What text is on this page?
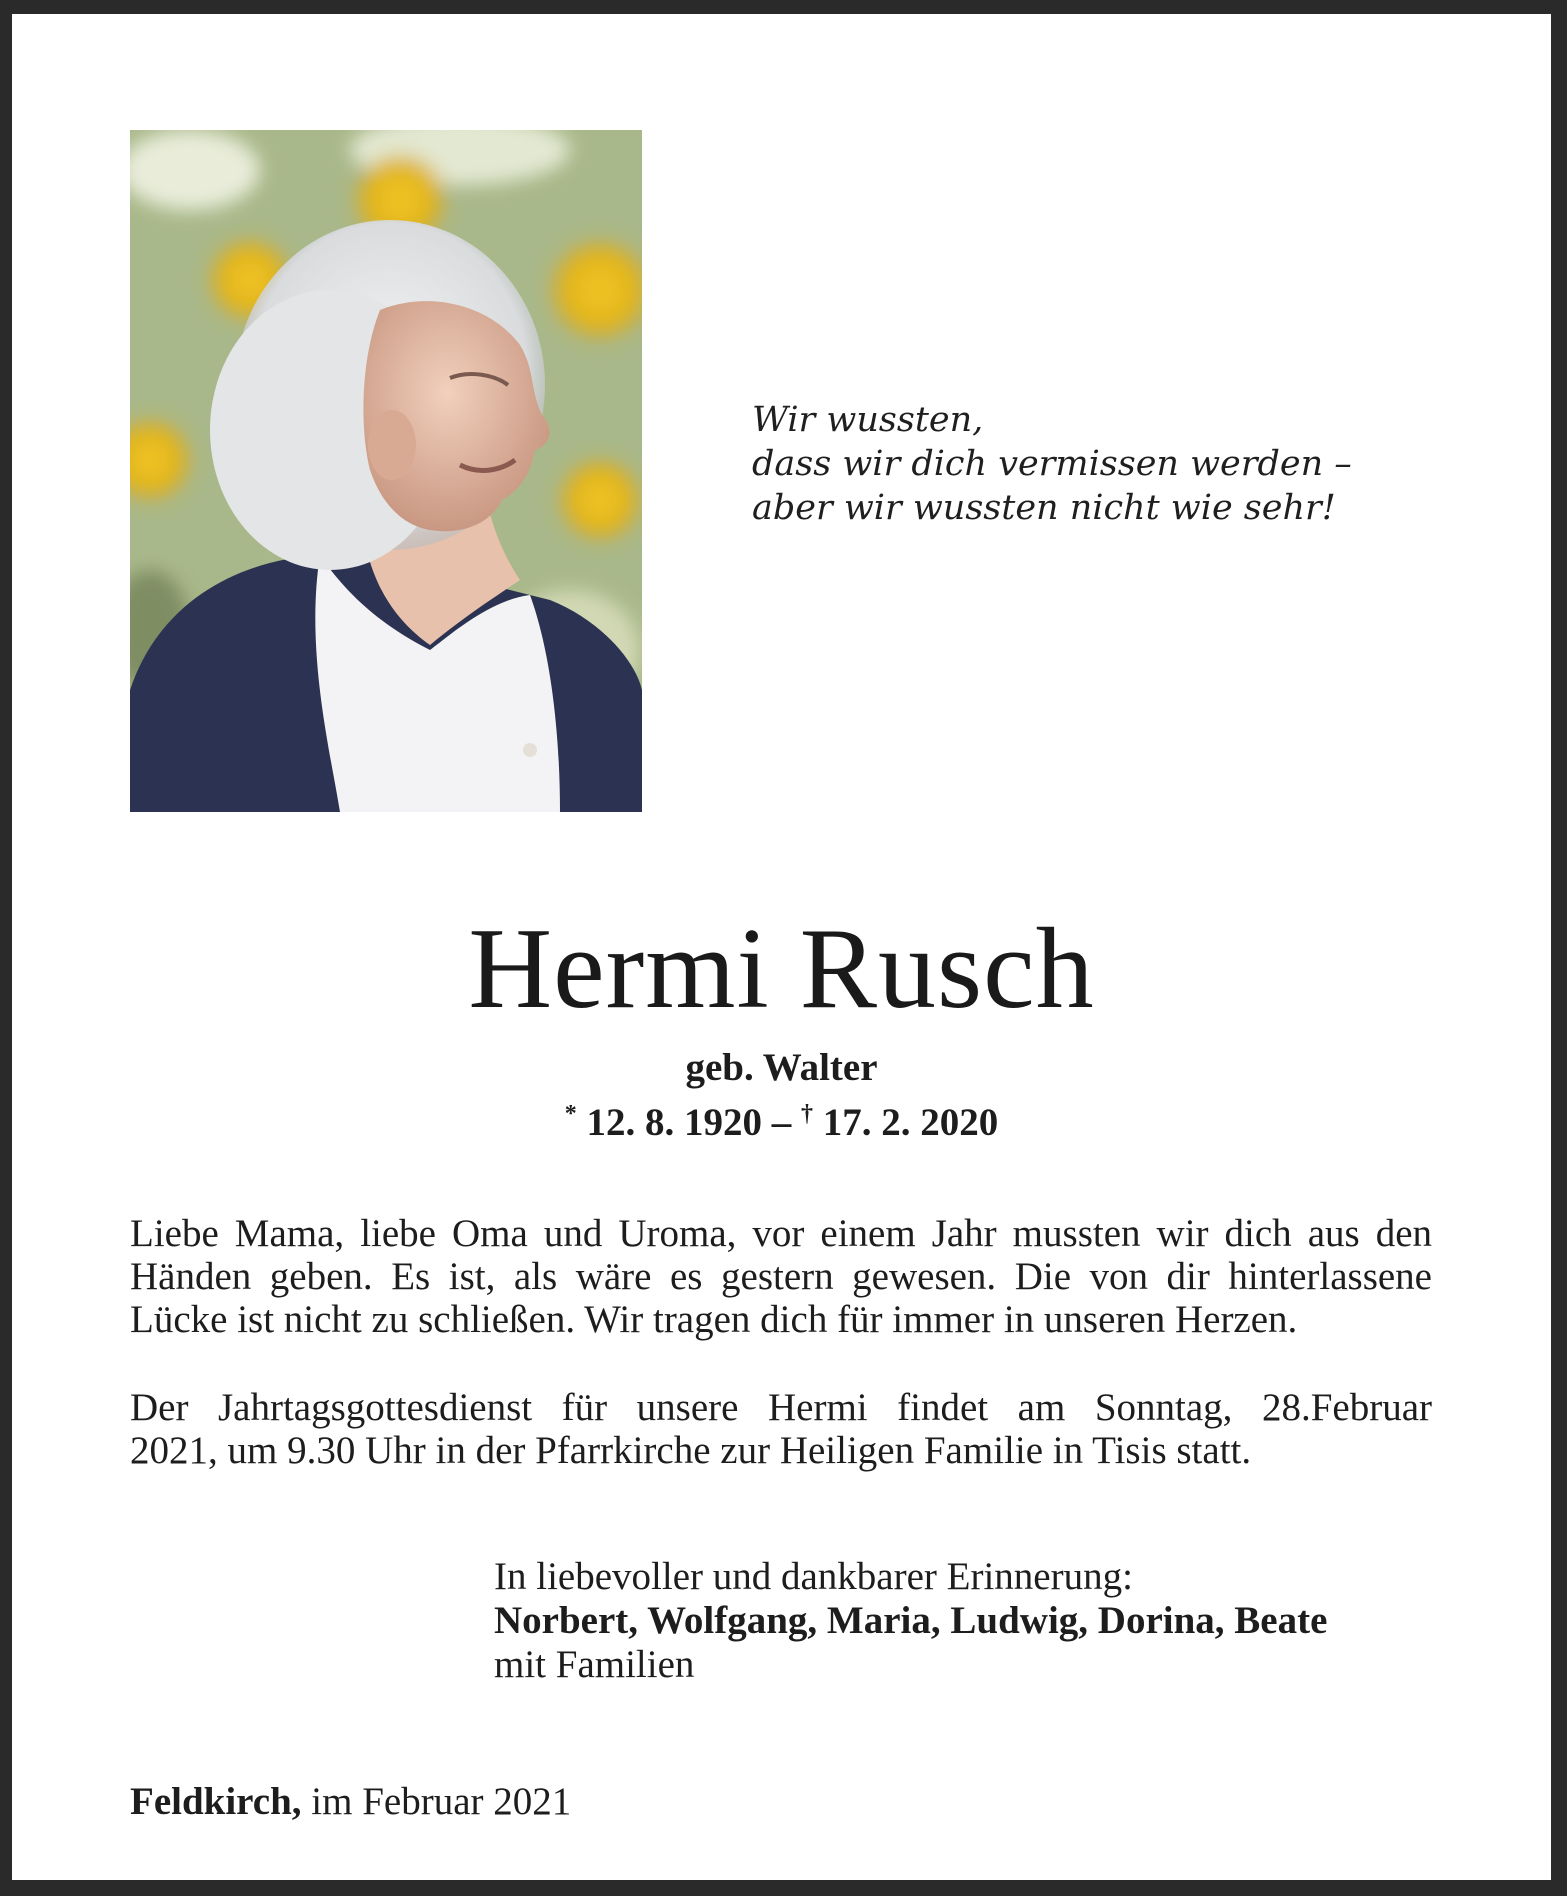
Wir wussten,
dass wir dich vermissen werden –
aber wir wussten nicht wie sehr!
Hermi Rusch
geb. Walter
* 12. 8. 1920 – † 17. 2. 2020
Liebe Mama, liebe Oma und Uroma, vor einem Jahr mussten wir dich aus den
Händen geben. Es ist, als wäre es gestern gewesen. Die von dir hinterlassene
Lücke ist nicht zu schließen. Wir tragen dich für immer in unseren Herzen.
Der Jahrtagsgottesdienst für unsere Hermi findet am Sonntag, 28.Februar
2021, um 9.30 Uhr in der Pfarrkirche zur Heiligen Familie in Tisis statt.
In liebevoller und dankbarer Erinnerung:
Norbert, Wolfgang, Maria, Ludwig, Dorina, Beate
mit Familien
Feldkirch, im Februar 2021
